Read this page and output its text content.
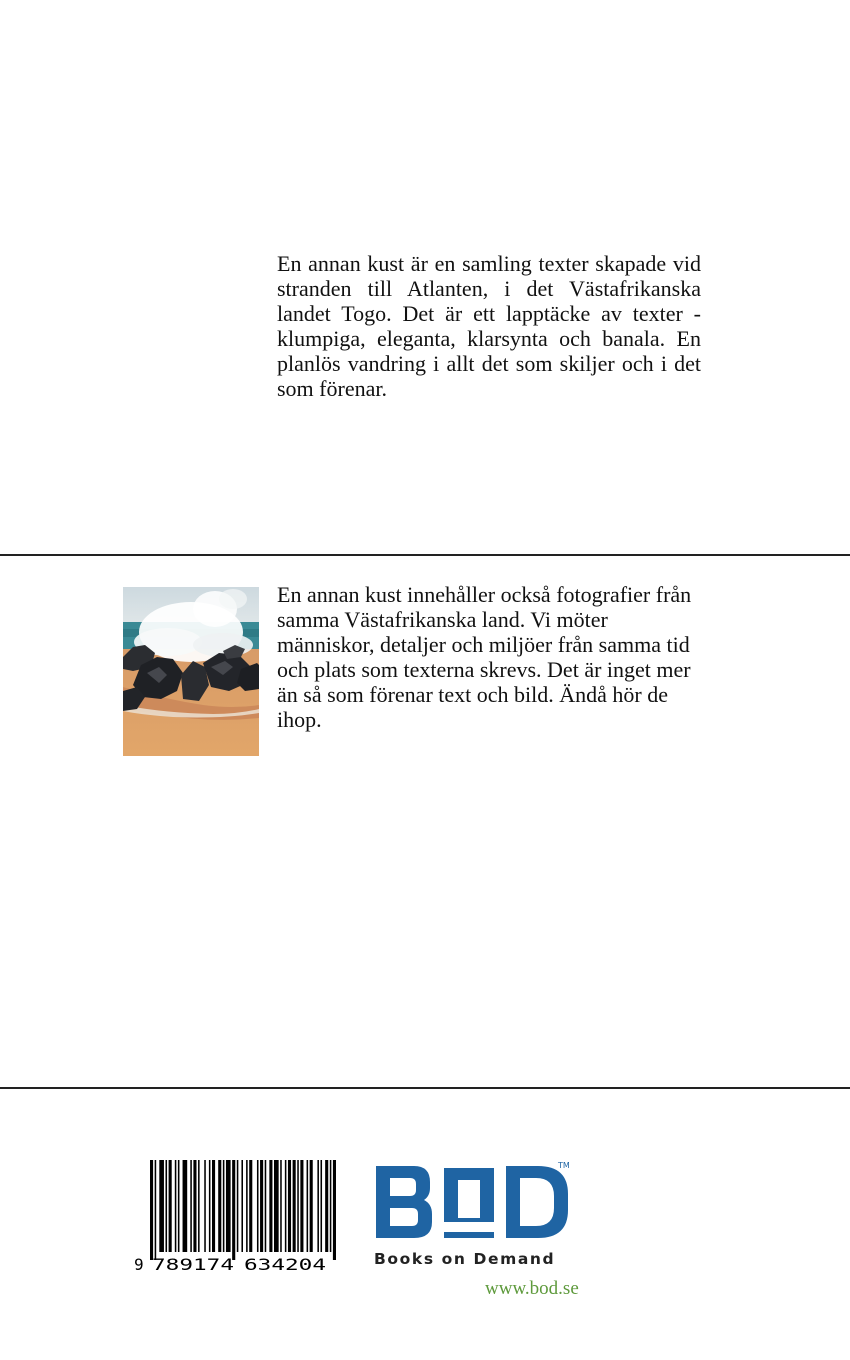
En annan kust är en samling texter skapade vid stranden till Atlanten, i det Västafrikanska landet Togo. Det är ett lapptäcke av texter - klumpiga, eleganta, klarsynta och banala. En planlös vandring i allt det som skiljer och i det som förenar.

En annan kust innehåller också fotografier från samma Västafrikanska land. Vi möter människor, detaljer och miljöer från samma tid och plats som texterna skrevs. Det är inget mer än så som förenar text och bild. Ändå hör de ihop.

9 789174 634204
TM
Books on Demand
www.bod.se
